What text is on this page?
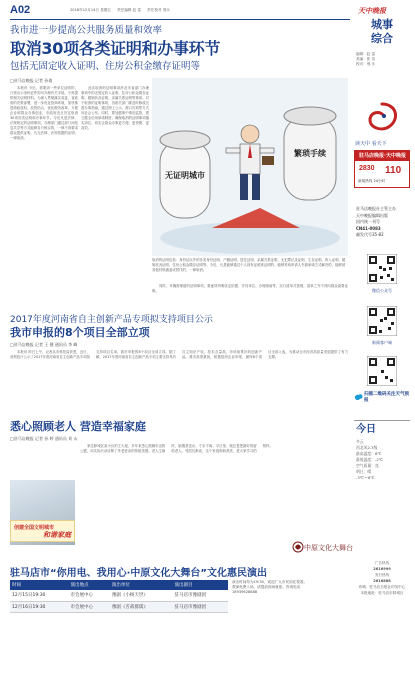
A02	2018年12月14日 星期五 责任编辑 赵 雷 责任校对 邢永
我市进一步提高公共服务质量和效率
取消30项各类证明和办事环节
包括无固定收入证明、住房公积金缴存证明等
□驻马店晚报 记者 孙倩

本报讯 今后，需要到一些单位证明的，只需出示身份证件即可办理有关手续，不再提供相关证明材料。为深入贯彻落实省委、省政府的决策部署，进一步优化营商环境，加快推进简政放权、放管结合、优化服务改革，方便企业和群众办事创业，市政府近日决定取消30项各类证明和办事环节。今后凡是法律、法规规定的证明事项，办理部门通过部门间信息共享等方式能够自行核实的，一律不得要求群众提供证明。凡无法律、法规依据的证明，一律取消。

此次取消的证明事项涉及市直部门办理事项中的无固定收入证明、住房公积金缴存证明、婚姻状况证明、亲属关系证明等事项。对于取消的证明事项，各相关部门要及时修改完善办事指南，通过网上公示、窗口告知等方式向社会公布。同时，要加强事中事后监管，建立健全信用承诺制度，确保取消的证明事项落实到位，切实让群众办事更方便、更快捷、更高效。

无证明城市
繁琐手续

取消的证明包括：身份证以外的各类身份证明、户籍证明、居住证明、亲属关系证明、无犯罪记录证明、生存证明、收入证明、婚姻状况证明、住房公积金缴存证明等。今后，凡是能够通过个人现有证照来证明的、能够采取申请人书面承诺方式解决的、能够被其他材料涵盖或替代的，一律取消。

同时，对确需保留的证明事项，要逐项列明设定依据、开具单位、办理指南等，实行清单式管理，清单之外不得向群众索要证明。

2017年度河南省自主创新产品专项拟支持项目公示
我市申报的8个项目全部立项
□驻马店晚报 记者 王 健 通讯员 李 峰

本报讯 昨日上午，记者从市科技局获悉，近日，省科技厅公示了2017年度河南省自主创新产品专项拟支持项目名单，我市申报的8个项目全部立项。据了解，2017年度河南省自主创新产品专项主要支持具有自主知识产权、技术含量高、市场前景好的创新产品。我市高度重视，积极组织企业申报，最终8个项目全部入选，为推动全市经济高质量发展提供了有力支撑。

悉心照顾老人 营造幸福家庭
□驻马店晚报 记者 孙 婷 通讯员 刘 永
创建全国文明城市
和谐家庭

家住驿城区某小区的王大姐，多年来悉心照顾年迈的公婆，用实际行动诠释了孝老爱亲的传统美德。老人生病时，她端茶送水、寸步不离；平日里，她总是把最好的留给老人。邻居们都说，这个家庭和和美美，是大家学习的榜样。

中原文化大舞台
驻马店市“你用电、我用心·中原文化大舞台”文化惠民演出
时间	演出地点	演出单位	演出剧目
12月15日19:30	市会展中心	豫剧《小杨天世》	驻马店市豫剧团
12月16日19:30	市会展中心	豫剧《舌战群儒》	驻马店市豫剧团
演出时间均为19:30，欢迎广大市民前往观看。观演免费入场，请提前到场就座。咨询电话：18939628888
天中晚报
城事
综合
编辑：赵 雷
美编：张 岚
校对：邢 永
读天中 看天下
驻马店晚报·天中晚报
2830 110
新闻热线 24小时
驻马店晚报社主管主办
天中晚报编辑出版
国内统一刊号
CN41-0083
邮发代号35-82
微信公众号
新闻客户端
扫描二维码关注天气预报
今日
多云
西北风2-3级
最高温度：8℃
最低温度：-2℃
空气质量：良
明日：晴
-3℃～6℃
广告热线
2616999
发行热线
2616888
印刷：驻马店日报社印务中心
本报地址：驻马店市驿城区
